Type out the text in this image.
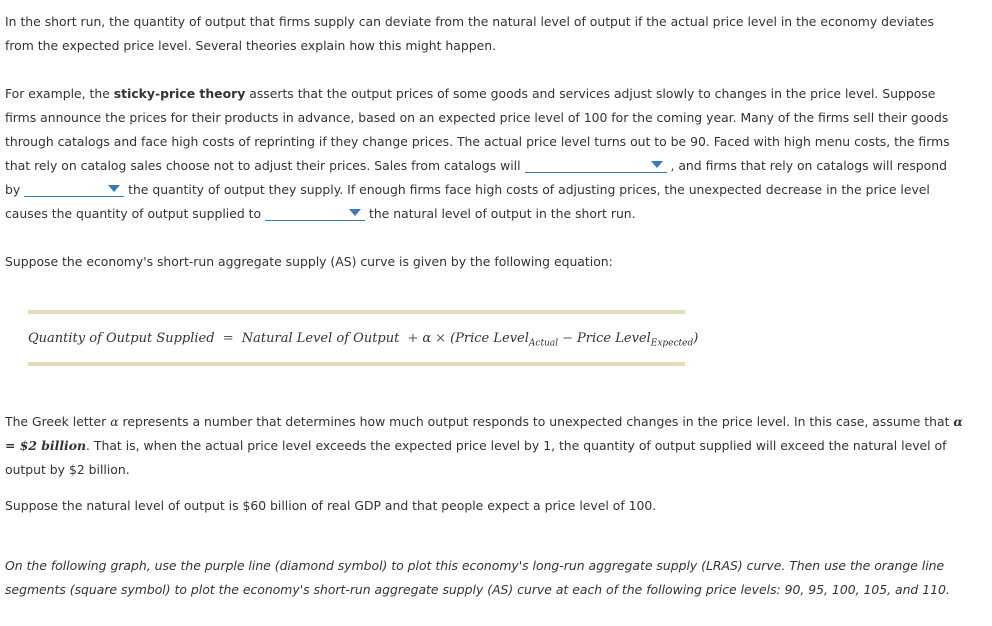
In the short run, the quantity of output that firms supply can deviate from the natural level of output if the actual price level in the economy deviates from the expected price level. Several theories explain how this might happen.

For example, the sticky-price theory asserts that the output prices of some goods and services adjust slowly to changes in the price level. Suppose firms announce the prices for their products in advance, based on an expected price level of 100 for the coming year. Many of the firms sell their goods through catalogs and face high costs of reprinting if they change prices. The actual price level turns out to be 90. Faced with high menu costs, the firms that rely on catalog sales choose not to adjust their prices. Sales from catalogs will	, and firms that rely on catalogs will respond by	the quantity of output they supply. If enough firms face high costs of adjusting prices, the unexpected decrease in the price level causes the quantity of output supplied to	the natural level of output in the short run.

Suppose the economy's short-run aggregate supply (AS) curve is given by the following equation:

Quantity of Output Supplied = Natural Level of Output + α × (Price Level$_{Actual}$ − Price Level$_{Expected}$)

The Greek letter α represents a number that determines how much output responds to unexpected changes in the price level. In this case, assume that α = $2 billion. That is, when the actual price level exceeds the expected price level by 1, the quantity of output supplied will exceed the natural level of output by $2 billion.

Suppose the natural level of output is $60 billion of real GDP and that people expect a price level of 100.

On the following graph, use the purple line (diamond symbol) to plot this economy's long-run aggregate supply (LRAS) curve. Then use the orange line segments (square symbol) to plot the economy's short-run aggregate supply (AS) curve at each of the following price levels: 90, 95, 100, 105, and 110.
